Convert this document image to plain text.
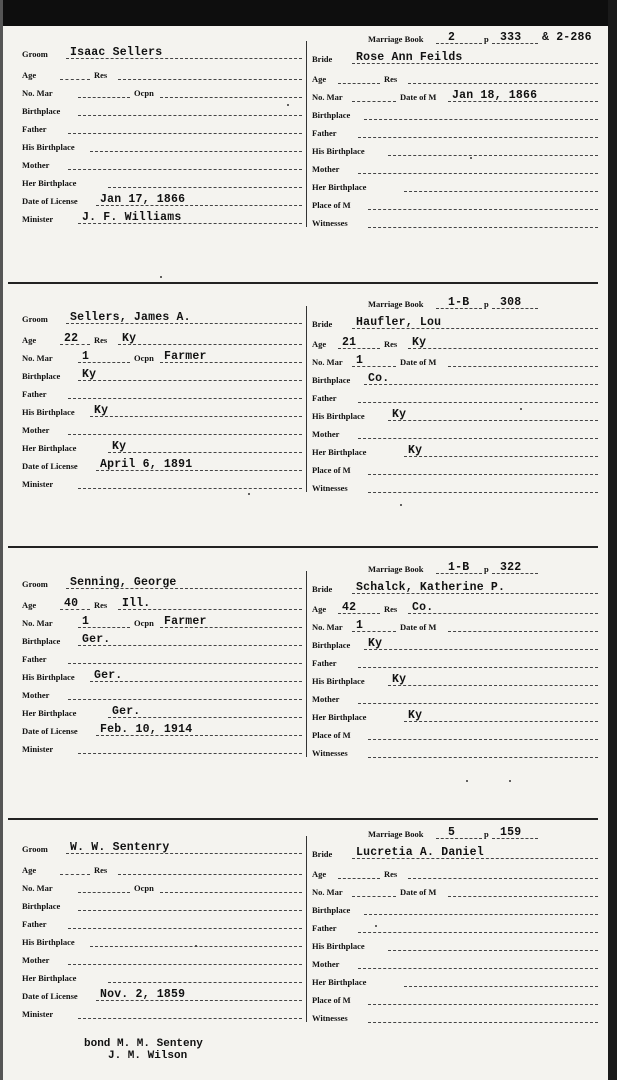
Groom Isaac Sellers
Age	Res
No. Mar	Ocpn
Birthplace
Father
His Birthplace
Mother
Her Birthplace
Date of License Jan 17, 1866
Minister	J. F. Williams
Marriage Book 2	p 333 & 2-286
Bride Rose Ann Feilds
Age	Res
No. Mar	Date of M Jan 18, 1866
Birthplace
Father
His Birthplace
Mother
Her Birthplace
Place of M
Witnesses
Groom Sellers, James A.
Age 22 Res Ky
No. Mar	1	Ocpn Farmer
Birthplace Ky
Father
His Birthplace Ky
Mother
Her Birthplace	Ky
Date of License April 6, 1891
Minister
Marriage Book 1-B p 308
Bride Haufler, Lou
Age 21	Res Ky
No. Mar 1	Date of M
Birthplace Co.
Father
His Birthplace Ky
Mother
Her Birthplace	Ky
Place of M
Witnesses
Groom Senning, George
Age 40 Res Ill.
No. Mar	1	Ocpn Farmer
Birthplace Ger.
Father
His Birthplace Ger.
Mother
Her Birthplace	Ger.
Date of License Feb. 10, 1914
Minister
Marriage Book 1-B p 322
Bride Schalck, Katherine P.
Age 42	Res Co.
No. Mar 1	Date of M
Birthplace Ky
Father
His Birthplace Ky
Mother
Her Birthplace	Ky
Place of M
Witnesses
Groom W. W. Sentenry
Age	Res
No. Mar	Ocpn
Birthplace
Father
His Birthplace
Mother
Her Birthplace
Date of License Nov. 2, 1859
Minister
Marriage Book 5	p 159
Bride Lucretia A. Daniel
Age	Res
No. Mar	Date of M
Birthplace
Father
His Birthplace
Mother
Her Birthplace
Place of M
Witnesses
bond M. M. Senteny
J. M. Wilson
